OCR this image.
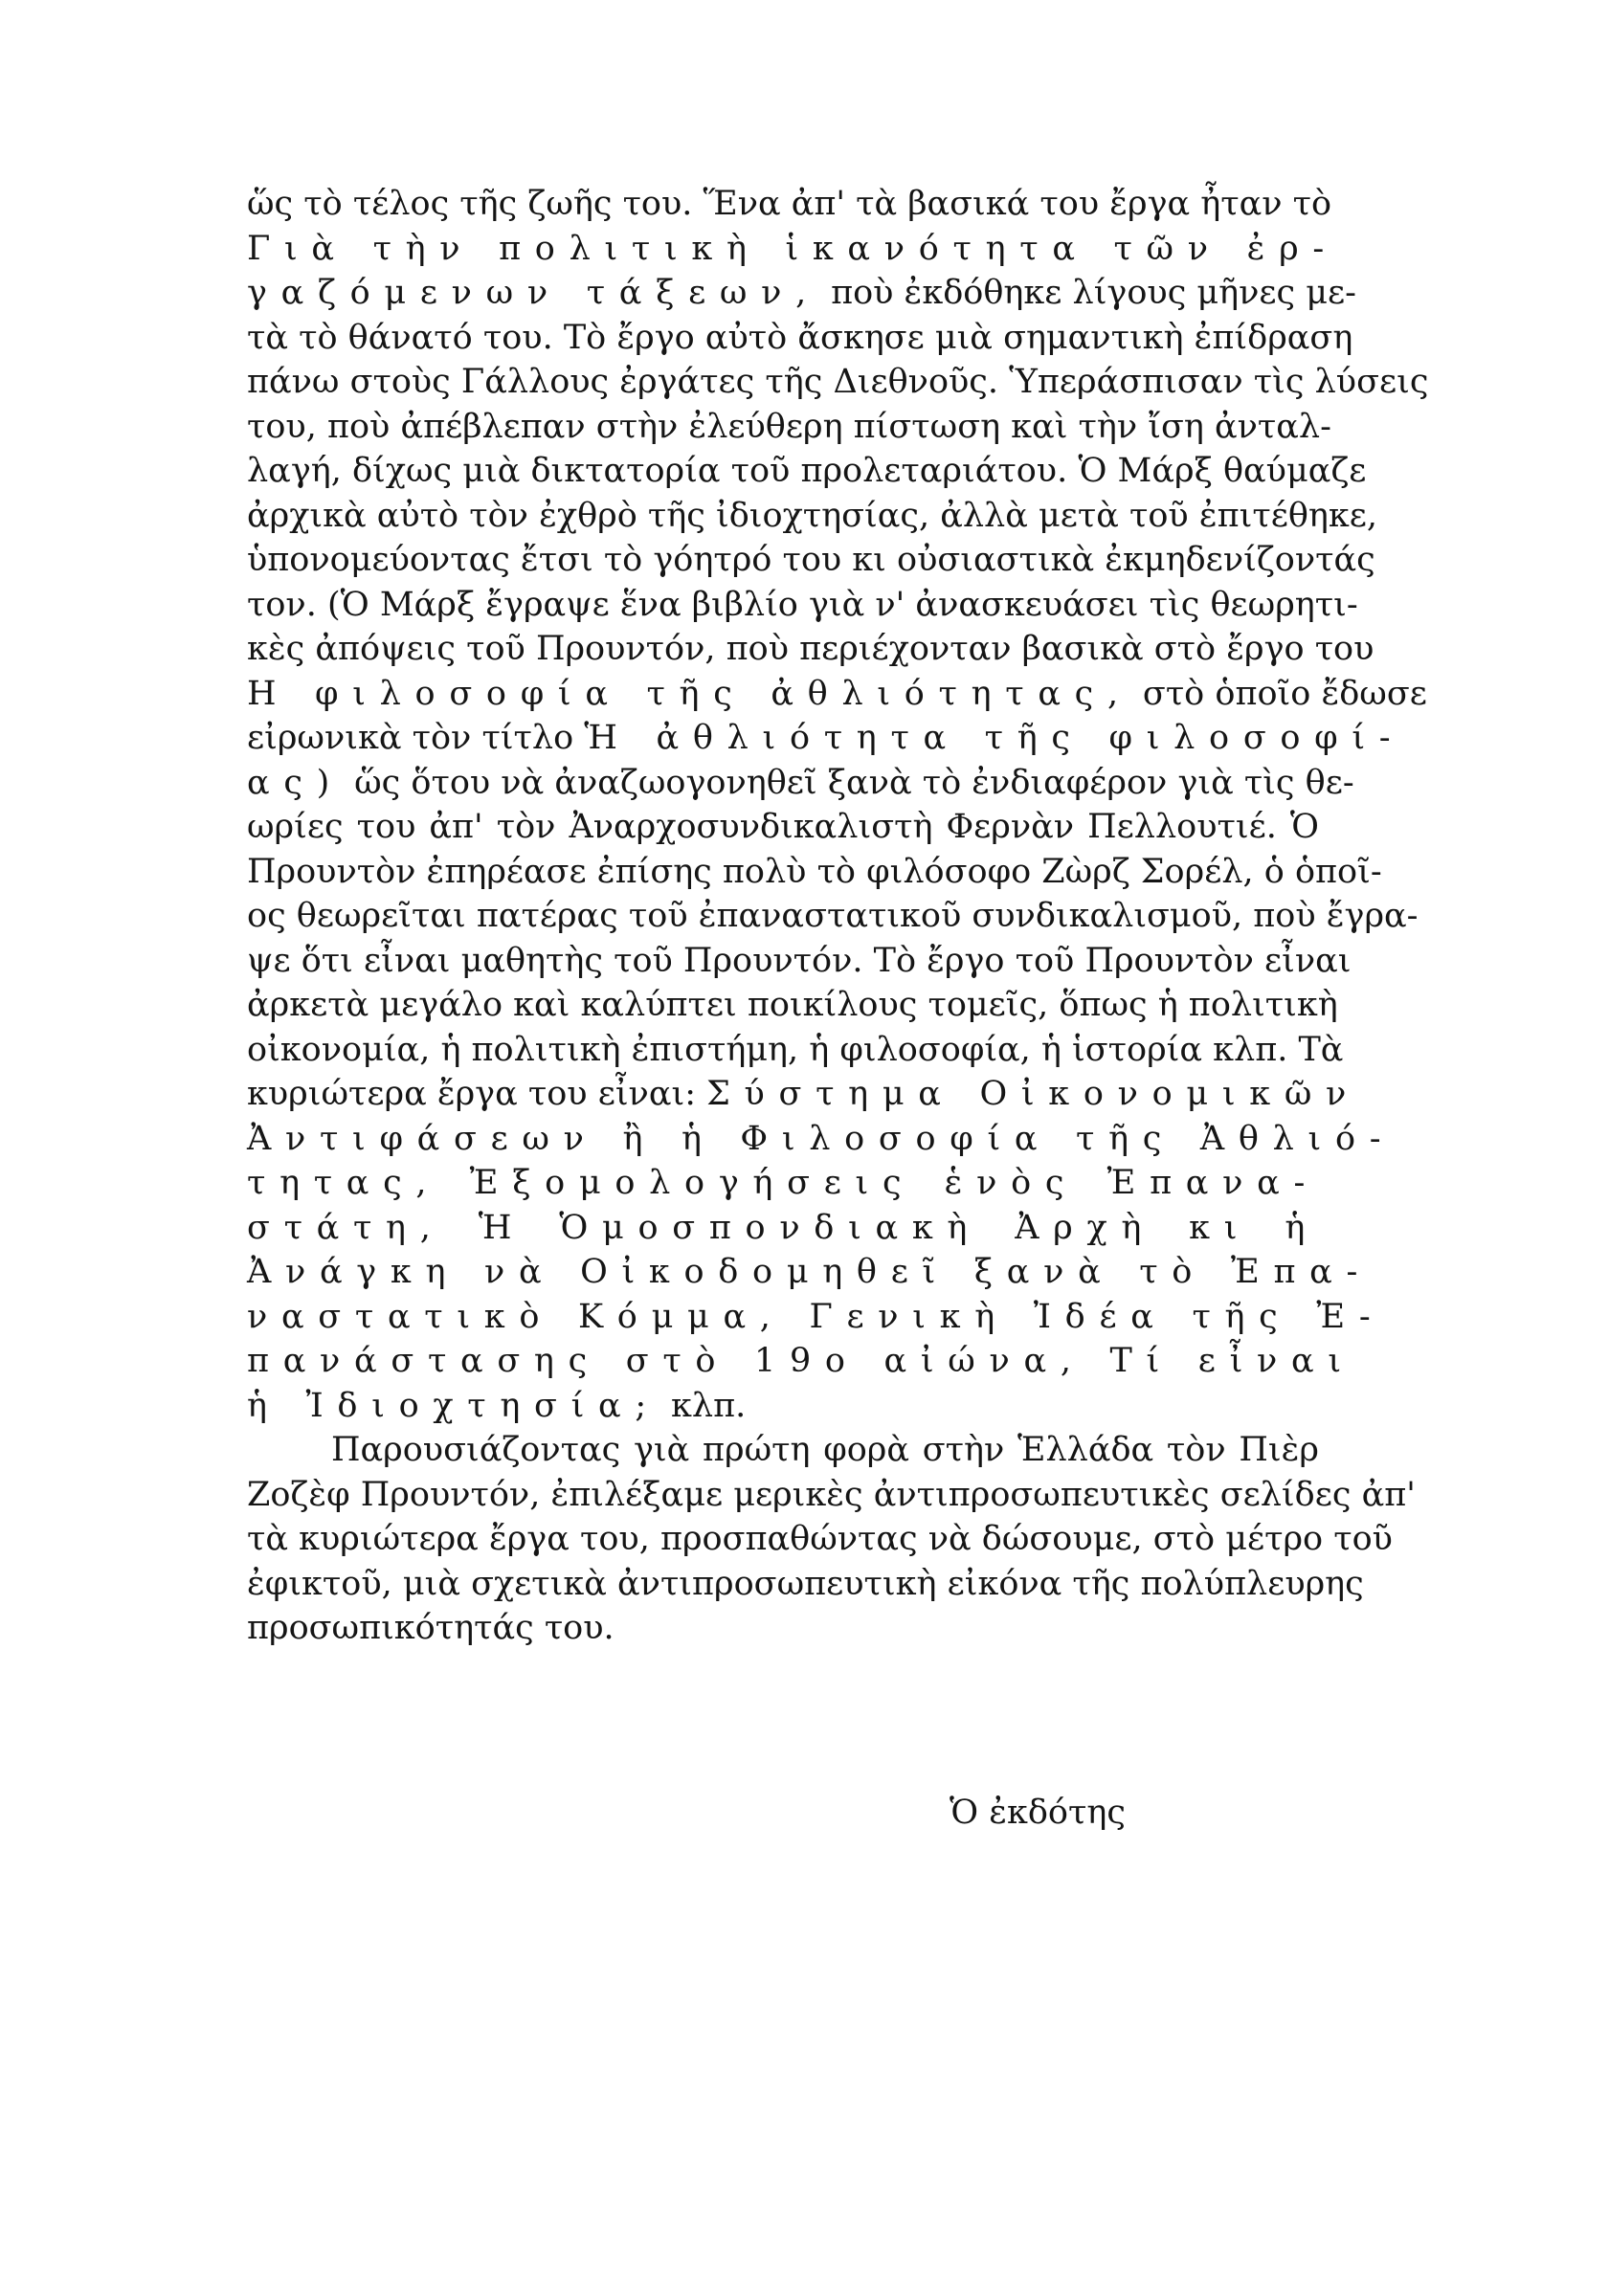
ὥς τὸ τέλος τῆς ζωῆς του. Ἕνα ἀπ' τὰ βασικά του ἔργα ἦταν τὸ
Γιὰ τὴν πολιτικὴ ἱκανότητα τῶν ἐρ-
γαζόμενων τάξεων, ποὺ ἐκδόθηκε λίγους μῆνες με-
τὰ τὸ θάνατό του. Τὸ ἔργο αὐτὸ ἄσκησε μιὰ σημαντικὴ ἐπίδραση
πάνω στοὺς Γάλλους ἐργάτες τῆς Διεθνοῦς. Ὑπεράσπισαν τὶς λύσεις
του, ποὺ ἀπέβλεπαν στὴν ἐλεύθερη πίστωση καὶ τὴν ἴση ἀνταλ-
λαγή, δίχως μιὰ δικτατορία τοῦ προλεταριάτου. Ὁ Μάρξ θαύμαζε
ἀρχικὰ αὐτὸ τὸν ἐχθρὸ τῆς ἰδιοχτησίας, ἀλλὰ μετὰ τοῦ ἐπιτέθηκε,
ὑπονομεύοντας ἔτσι τὸ γόητρό του κι οὐσιαστικὰ ἐκμηδενίζοντάς
τον. (Ὁ Μάρξ ἔγραψε ἕνα βιβλίο γιὰ ν' ἀνασκευάσει τὶς θεωρητι-
κὲς ἀπόψεις τοῦ Προυντόν, ποὺ περιέχονταν βασικὰ στὸ ἔργο του
Η φιλοσοφία τῆς ἀθλιότητας, στὸ ὁποῖο ἔδωσε
εἰρωνικὰ τὸν τίτλο Ἡ ἀθλιότητα τῆς φιλοσοφί-
ας) ὥς ὅτου νὰ ἀναζωογονηθεῖ ξανὰ τὸ ἐνδιαφέρον γιὰ τὶς θε-
ωρίες του ἀπ' τὸν Ἀναρχοσυνδικαλιστὴ Φερνὰν Πελλουτιέ. Ὁ
Προυντὸν ἐπηρέασε ἐπίσης πολὺ τὸ φιλόσοφο Ζὼρζ Σορέλ, ὁ ὁποῖ-
ος θεωρεῖται πατέρας τοῦ ἐπαναστατικοῦ συνδικαλισμοῦ, ποὺ ἔγρα-
ψε ὅτι εἶναι μαθητὴς τοῦ Προυντόν. Τὸ ἔργο τοῦ Προυντὸν εἶναι
ἀρκετὰ μεγάλο καὶ καλύπτει ποικίλους τομεῖς, ὅπως ἡ πολιτικὴ
οἰκονομία, ἡ πολιτικὴ ἐπιστήμη, ἡ φιλοσοφία, ἡ ἱστορία κλπ. Τὰ
κυριώτερα ἔργα του εἶναι: Σύστημα Οἰκονομικῶν
Ἀντιφάσεων ἢ ἡ Φιλοσοφία τῆς Ἀθλιό-
τητας, Ἐξομολογήσεις ἑνὸς Ἐπανα-
στάτη, Ἡ Ὁμοσπονδιακὴ Ἀρχὴ κι ἡ
Ἀνάγκη νὰ Οἰκοδομηθεῖ ξανὰ τὸ Ἐπα-
ναστατικὸ Κόμμα, Γενικὴ Ἰδέα τῆς Ἐ-
πανάστασης στὸ 19ο αἰώνα, Τί εἶναι
ἡ Ἰδιοχτησία; κλπ.
Παρουσιάζοντας γιὰ πρώτη φορὰ στὴν Ἑλλάδα τὸν Πιὲρ
Ζοζὲφ Προυντόν, ἐπιλέξαμε μερικὲς ἀντιπροσωπευτικὲς σελίδες ἀπ'
τὰ κυριώτερα ἔργα του, προσπαθώντας νὰ δώσουμε, στὸ μέτρο τοῦ
ἐφικτοῦ, μιὰ σχετικὰ ἀντιπροσωπευτικὴ εἰκόνα τῆς πολύπλευρης
προσωπικότητάς του.
Ὁ ἐκδότης
